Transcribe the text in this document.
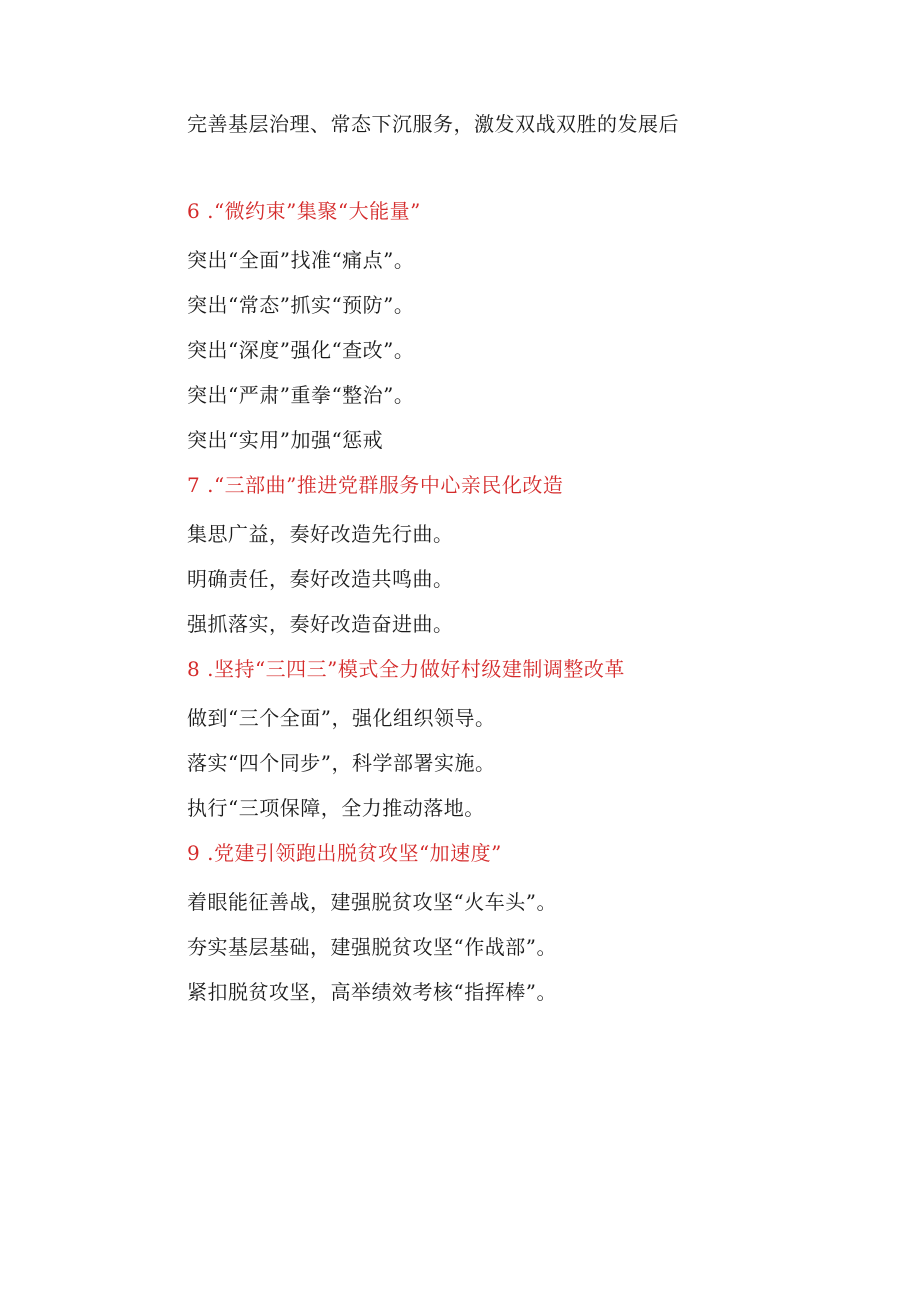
完善基层治理、常态下沉服务，激发双战双胜的发展后
6 .“微约束”集聚“大能量”
突出“全面”找准“痛点”。
突出“常态”抓实“预防”。
突出“深度”强化“查改”。
突出“严肃”重拳“整治”。
突出“实用”加强“惩戒
7 .“三部曲”推进党群服务中心亲民化改造
集思广益，奏好改造先行曲。
明确责任，奏好改造共鸣曲。
强抓落实，奏好改造奋进曲。
8 .坚持“三四三”模式全力做好村级建制调整改革
做到“三个全面”，强化组织领导。
落实“四个同步”，科学部署实施。
执行“三项保障，全力推动落地。
9 .党建引领跑出脱贫攻坚“加速度”
着眼能征善战，建强脱贫攻坚“火车头”。
夯实基层基础，建强脱贫攻坚“作战部”。
紧扣脱贫攻坚，高举绩效考核“指挥棒”。
